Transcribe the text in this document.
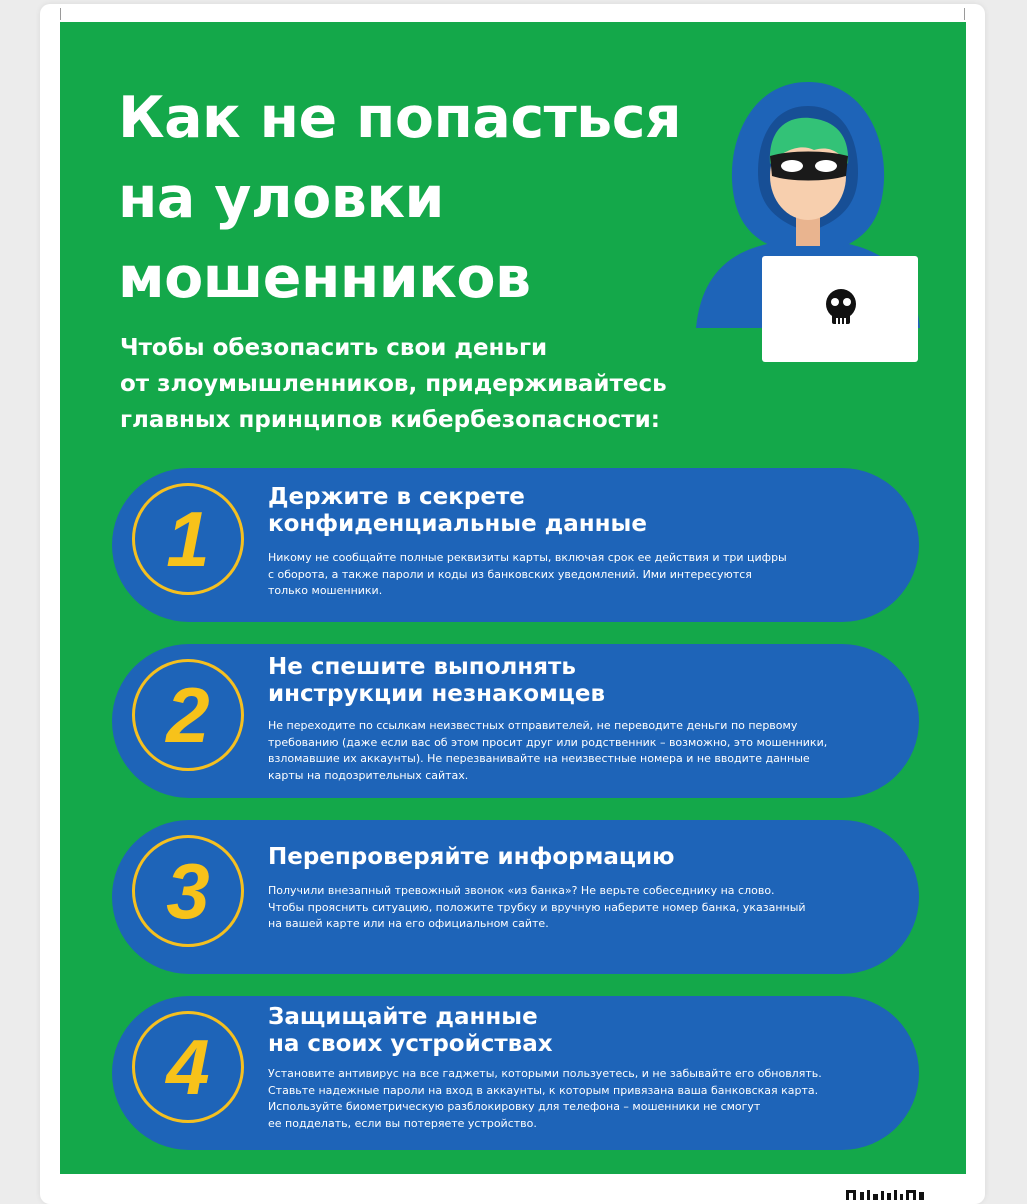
Как не попасться
на уловки
мошенников

Чтобы обезопасить свои деньги
от злоумышленников, придерживайтесь
главных принципов кибербезопасности:

1	Держите в секрете
конфиденциальные данные

Никому не сообщайте полные реквизиты карты, включая срок ее действия и три цифры
с оборота, а также пароли и коды из банковских уведомлений. Ими интересуются
только мошенники.

2
Не спешите выполнять
инструкции незнакомцев

Не переходите по ссылкам неизвестных отправителей, не переводите деньги по первому
требованию (даже если вас об этом просит друг или родственник – возможно, это мошенники,
взломавшие их аккаунты). Не перезванивайте на неизвестные номера и не вводите данные
карты на подозрительных сайтах.

3	Перепроверяйте информацию

Получили внезапный тревожный звонок «из банка»? Не верьте собеседнику на слово.
Чтобы прояснить ситуацию, положите трубку и вручную наберите номер банка, указанный
на вашей карте или на его официальном сайте.

4
Защищайте данные
на своих устройствах

Установите антивирус на все гаджеты, которыми пользуетесь, и не забывайте его обновлять.
Ставьте надежные пароли на вход в аккаунты, к которым привязана ваша банковская карта.
Используйте биометрическую разблокировку для телефона – мошенники не смогут
ее подделать, если вы потеряете устройство.
